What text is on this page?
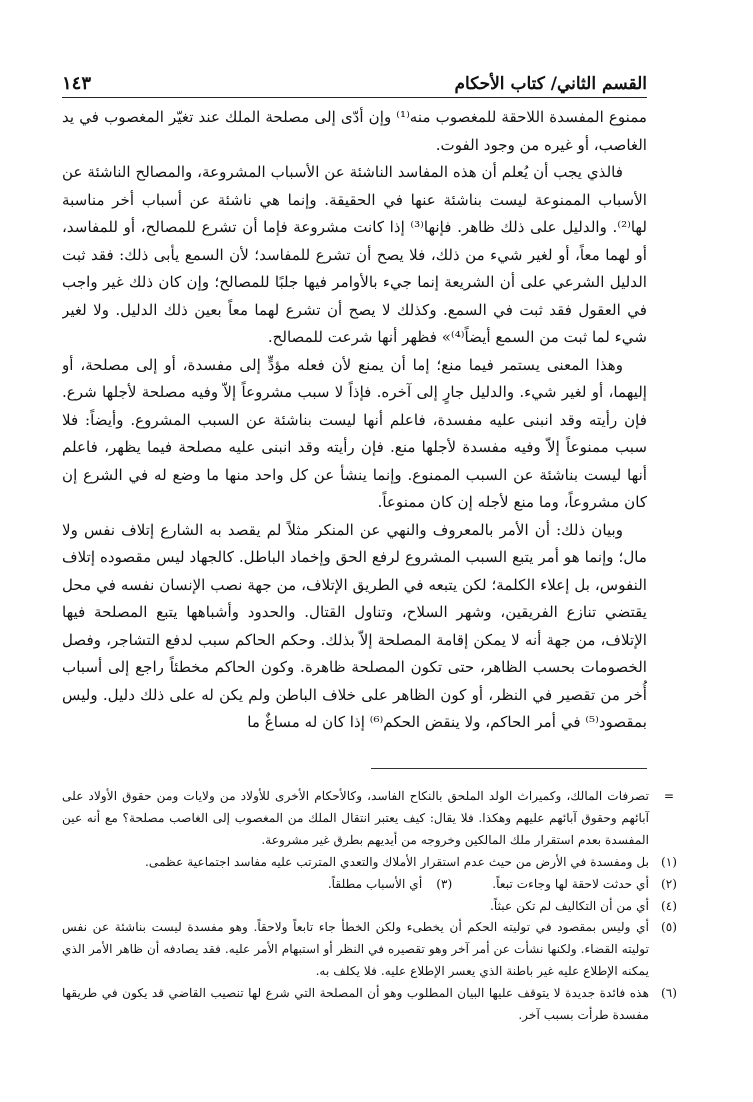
القسم الثاني/ كتاب الأحكام
١٤٣

ممنوع المفسدة اللاحقة للمغصوب منه⁽¹⁾ وإن أدّى إلى مصلحة الملك عند تغيّر المغصوب في يد الغاصب، أو غيره من وجود الفوت.

فالذي يجب أن يُعلم أن هذه المفاسد الناشئة عن الأسباب المشروعة، والمصالح الناشئة عن الأسباب الممنوعة ليست بناشئة عنها في الحقيقة. وإنما هي ناشئة عن أسباب أخر مناسبة لها⁽²⁾. والدليل على ذلك ظاهر. فإنها⁽³⁾ إذا كانت مشروعة فإما أن تشرع للمصالح، أو للمفاسد، أو لهما معاً، أو لغير شيء من ذلك، فلا يصح أن تشرع للمفاسد؛ لأن السمع يأبى ذلك: فقد ثبت الدليل الشرعي على أن الشريعة إنما جيء بالأوامر فيها جلبًا للمصالح؛ وإن كان ذلك غير واجب في العقول فقد ثبت في السمع. وكذلك لا يصح أن تشرع لهما معاً بعين ذلك الدليل. ولا لغير شيء لما ثبت من السمع أيضاً⁽⁴⁾» فظهر أنها شرعت للمصالح.

وهذا المعنى يستمر فيما منع؛ إما أن يمنع لأن فعله مؤدٍّ إلى مفسدة، أو إلى مصلحة، أو إليهما، أو لغير شيء. والدليل جارٍ إلى آخره. فإذاً لا سبب مشروعاً إلاّ وفيه مصلحة لأجلها شرع. فإن رأيته وقد انبنى عليه مفسدة، فاعلم أنها ليست بناشئة عن السبب المشروع. وأيضاً: فلا سبب ممنوعاً إلاّ وفيه مفسدة لأجلها منع. فإن رأيته وقد انبنى عليه مصلحة فيما يظهر، فاعلم أنها ليست بناشئة عن السبب الممنوع. وإنما ينشأ عن كل واحد منها ما وضع له في الشرع إن كان مشروعاً، وما منع لأجله إن كان ممنوعاً.

وبيان ذلك: أن الأمر بالمعروف والنهي عن المنكر مثلاً لم يقصد به الشارع إتلاف نفس ولا مال؛ وإنما هو أمر يتبع السبب المشروع لرفع الحق وإخماد الباطل. كالجهاد ليس مقصوده إتلاف النفوس، بل إعلاء الكلمة؛ لكن يتبعه في الطريق الإتلاف، من جهة نصب الإنسان نفسه في محل يقتضي تنازع الفريقين، وشهر السلاح، وتناول القتال. والحدود وأشباهها يتبع المصلحة فيها الإتلاف، من جهة أنه لا يمكن إقامة المصلحة إلاّ بذلك. وحكم الحاكم سبب لدفع التشاجر، وفصل الخصومات بحسب الظاهر، حتى تكون المصلحة ظاهرة. وكون الحاكم مخطئاً راجع إلى أسباب أُخر من تقصير في النظر، أو كون الظاهر على خلاف الباطن ولم يكن له على ذلك دليل. وليس بمقصود⁽⁵⁾ في أمر الحاكم، ولا ينقض الحكم⁽⁶⁾ إذا كان له مساغٌ ما

=
تصرفات المالك، وكميراث الولد الملحق بالنكاح الفاسد، وكالأحكام الأخرى للأولاد من ولايات ومن حقوق الأولاد على آبائهم وحقوق آبائهم عليهم وهكذا. فلا يقال: كيف يعتبر انتقال الملك من المغصوب إلى الغاصب مصلحة؟ مع أنه عين المفسدة بعدم استقرار ملك المالكين وخروجه من أيديهم بطرق غير مشروعة.
(١)
بل ومفسدة في الأرض من حيث عدم استقرار الأملاك والتعدي المترتب عليه مفاسد اجتماعية عظمى.
(٢)
أي حدثت لاحقة لها وجاءت تبعاً.
(٣)
أي الأسباب مطلقاً.
(٤)
أي من أن التكاليف لم تكن عبثاً.
(٥)
أي وليس بمقصود في توليته الحكم أن يخطىء ولكن الخطأ جاء تابعاً ولاحقاً. وهو مفسدة ليست بناشئة عن نفس توليته القضاء. ولكنها نشأت عن أمر آخر وهو تقصيره في النظر أو استبهام الأمر عليه. فقد يصادفه أن ظاهر الأمر الذي يمكنه الإطلاع عليه غير باطنة الذي يعسر الإطلاع عليه. فلا يكلف به.
(٦)
هذه فائدة جديدة لا يتوقف عليها البيان المطلوب وهو أن المصلحة التي شرع لها تنصيب القاضي قد يكون في طريقها مفسدة طرأت بسبب آخر.
